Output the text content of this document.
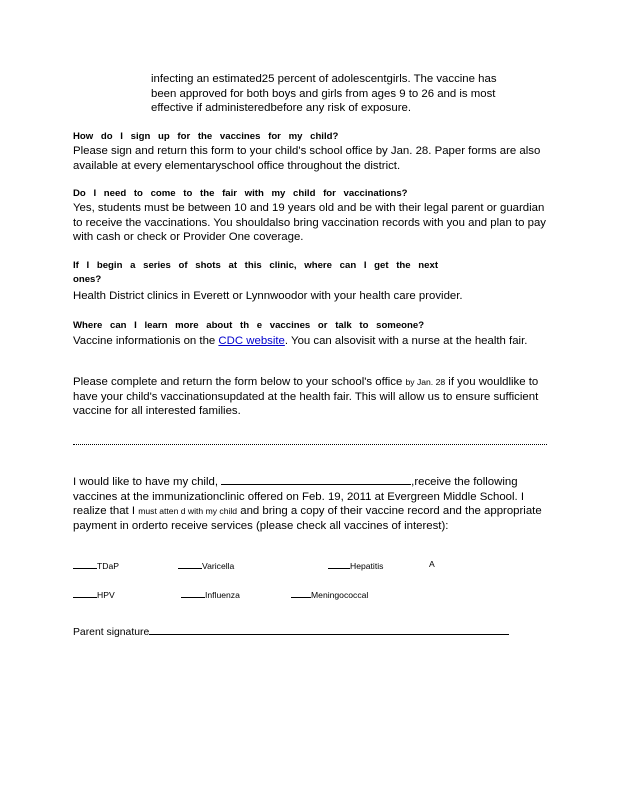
infecting an estimated25 percent of adolescentgirls. The vaccine has
been approved for both boys and girls from ages 9 to 26 and is most
effective if administeredbefore any risk of exposure.
How do I sign up for the vaccines for my child?
Please sign and return this form to your child's school office by Jan. 28. Paper forms are also available at every elementaryschool office throughout the district.
Do I need to come to the fair with my child for vaccinations?
Yes, students must be between 10 and 19 years old and be with their legal parent or guardian to receive the vaccinations. You shouldalso bring vaccination records with you and plan to pay with cash or check or Provider One coverage.
If I begin a series of shots at this clinic, where can I get the next
ones?
Health District clinics in Everett or Lynnwoodor with your health care provider.
Where can I learn more about th e vaccines or talk to someone?
Vaccine informationis on the CDC website. You can alsovisit with a nurse at the health fair.
Please complete and return the form below to your school's office by Jan. 28 if you wouldlike to have your child's vaccinationsupdated at the health fair. This will allow us to ensure sufficient vaccine for all interested families.
I would like to have my child,	,receive the following vaccines at the immunizationclinic offered on Feb. 19, 2011 at Evergreen Middle School. I realize that I must atten d with my child and bring a copy of their vaccine record and the appropriate payment in orderto receive services (please check all vaccines of interest):
TDaP	Varicella	Hepatitis	A
HPV	Influenza	Meningococcal
Parent signature
